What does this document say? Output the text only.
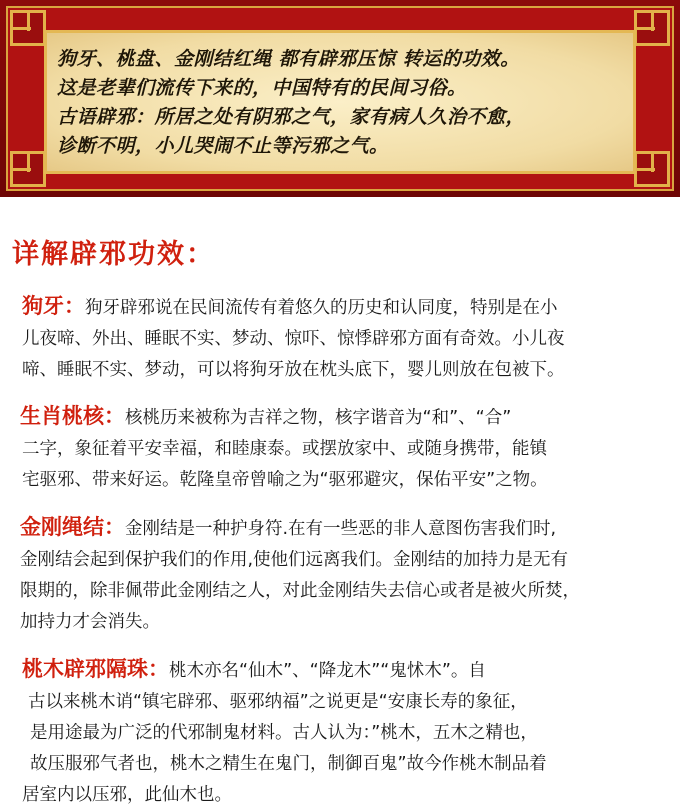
狗牙、桃盘、金刚结红绳 都有辟邪压惊 转运的功效。
这是老辈们流传下来的，中国特有的民间习俗。
古语辟邪：所居之处有阴邪之气，家有病人久治不愈，
诊断不明，小儿哭闹不止等污邪之气。
详解辟邪功效：

狗牙：狗牙辟邪说在民间流传有着悠久的历史和认同度，特别是在小

儿夜啼、外出、睡眠不实、梦动、惊吓、惊悸辟邪方面有奇效。小儿夜

啼、睡眠不实、梦动，可以将狗牙放在枕头底下，婴儿则放在包被下。

生肖桃核：核桃历来被称为吉祥之物，核字谐音为“和”、“合”

二字，象征着平安幸福，和睦康泰。或摆放家中、或随身携带，能镇

宅驱邪、带来好运。乾隆皇帝曾喻之为“驱邪避灾，保佑平安”之物。

金刚绳结：金刚结是一种护身符.在有一些恶的非人意图伤害我们时,

金刚结会起到保护我们的作用,使他们远离我们。金刚结的加持力是无有

限期的，除非佩带此金刚结之人，对此金刚结失去信心或者是被火所焚，

加持力才会消失。

桃木辟邪隔珠：桃木亦名“仙木”、“降龙木”“鬼怵木”。自

古以来桃木诮“镇宅辟邪、驱邪纳福”之说更是“安康长寿的象征，

是用途最为广泛的代邪制鬼材料。古人认为：”桃木，五木之精也，

故压服邪气者也，桃木之精生在鬼门，制御百鬼”故今作桃木制品着

居室内以压邪，此仙木也。
